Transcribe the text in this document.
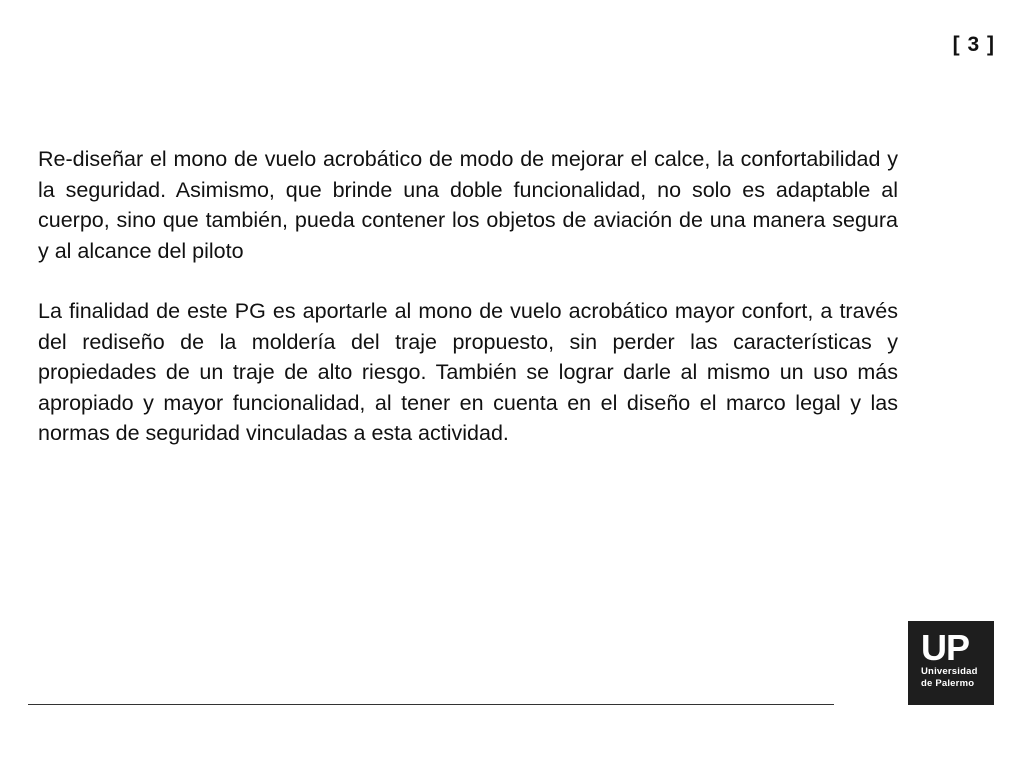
[ 3 ]

Re-diseñar el mono de vuelo acrobático de modo de mejorar el calce, la confortabilidad y la seguridad. Asimismo, que brinde una doble funcionalidad, no solo es adaptable al cuerpo, sino que también, pueda contener los objetos de aviación de una manera segura y al alcance del piloto

La finalidad de este PG es aportarle al mono de vuelo acrobático mayor confort, a través del rediseño de la moldería del traje propuesto, sin perder las características y propiedades de un traje de alto riesgo. También se lograr darle al mismo un uso más apropiado y mayor funcionalidad, al tener en cuenta en el diseño el marco legal y las normas de seguridad vinculadas a esta actividad.

UP
Universidad
de Palermo
